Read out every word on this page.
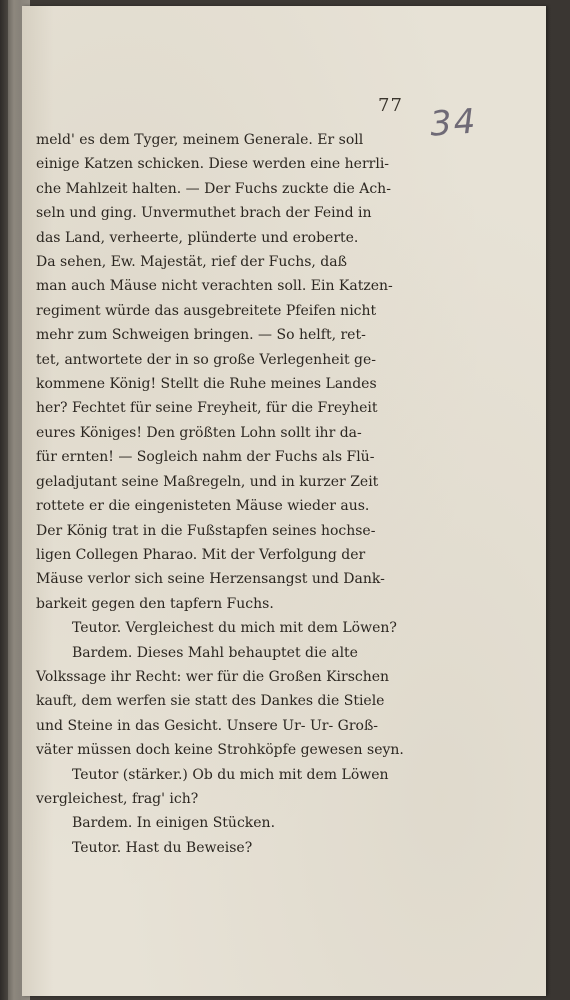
77 34
meld' es dem Tyger, meinem Generale. Er soll
einige Katzen schicken. Diese werden eine herrli-
che Mahlzeit halten. — Der Fuchs zuckte die Ach-
seln und ging. Unvermuthet brach der Feind in
das Land, verheerte, plünderte und eroberte.
Da sehen, Ew. Majestät, rief der Fuchs, daß
man auch Mäuse nicht verachten soll. Ein Katzen-
regiment würde das ausgebreitete Pfeifen nicht
mehr zum Schweigen bringen. — So helft, ret-
tet, antwortete der in so große Verlegenheit ge-
kommene König! Stellt die Ruhe meines Landes
her? Fechtet für seine Freyheit, für die Freyheit
eures Königes! Den größten Lohn sollt ihr da-
für ernten! — Sogleich nahm der Fuchs als Flü-
geladjutant seine Maßregeln, und in kurzer Zeit
rottete er die eingenisteten Mäuse wieder aus.
Der König trat in die Fußstapfen seines hochse-
ligen Collegen Pharao. Mit der Verfolgung der
Mäuse verlor sich seine Herzensangst und Dank-
barkeit gegen den tapfern Fuchs.
Teutor. Vergleichest du mich mit dem Löwen?
Bardem. Dieses Mahl behauptet die alte
Volkssage ihr Recht: wer für die Großen Kirschen
kauft, dem werfen sie statt des Dankes die Stiele
und Steine in das Gesicht. Unsere Ur- Ur- Groß-
väter müssen doch keine Strohköpfe gewesen seyn.
Teutor (stärker.) Ob du mich mit dem Löwen
vergleichest, frag' ich?
Bardem. In einigen Stücken.
Teutor. Hast du Beweise?
